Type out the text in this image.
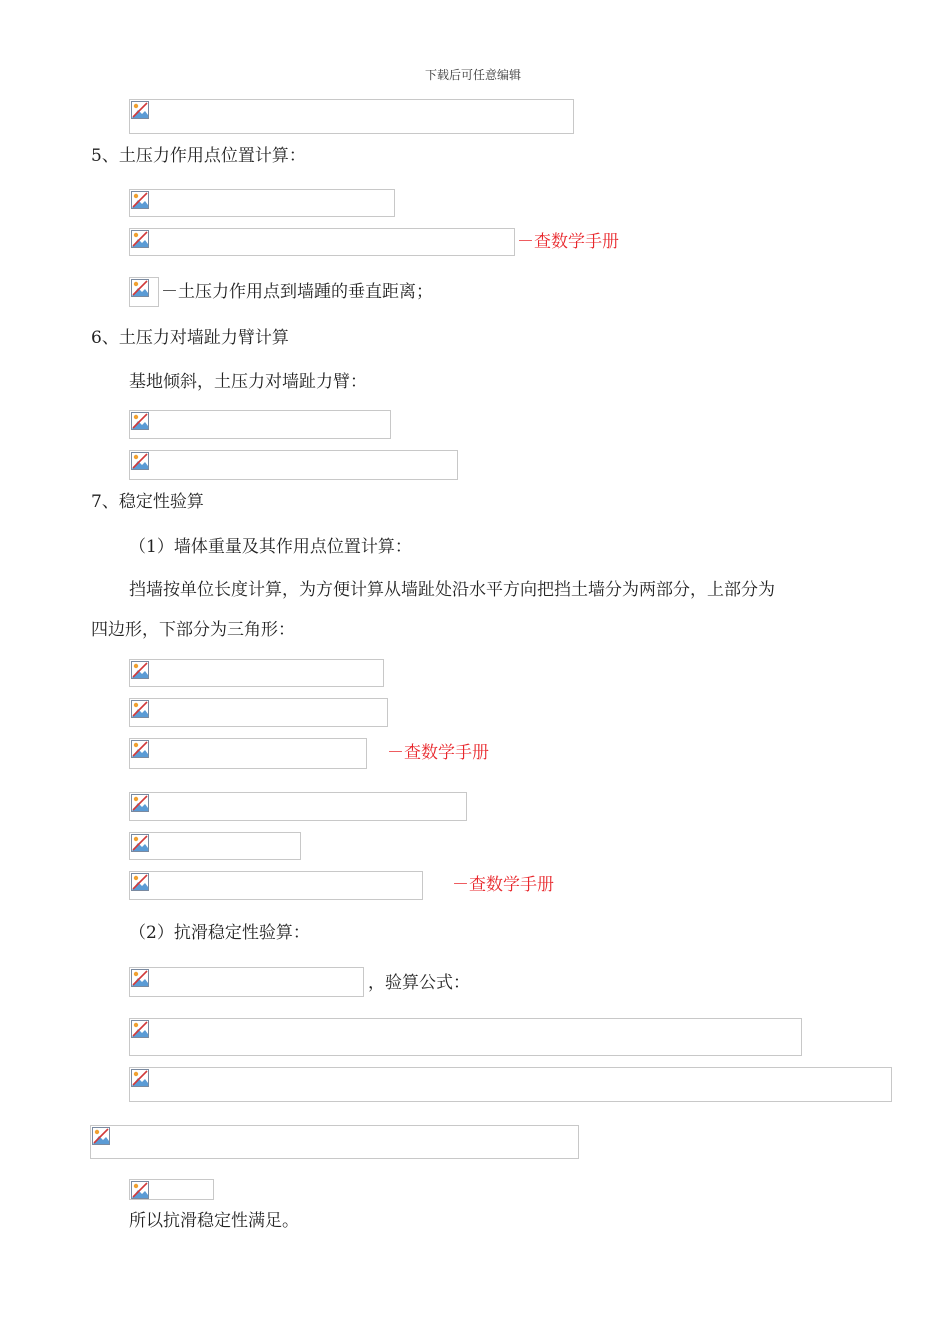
下载后可任意编辑
5、土压力作用点位置计算：
－查数学手册
－土压力作用点到墙踵的垂直距离；
6、土压力对墙趾力臂计算
基地倾斜，土压力对墙趾力臂：
7、稳定性验算
（1）墙体重量及其作用点位置计算：
挡墙按单位长度计算，为方便计算从墙趾处沿水平方向把挡土墙分为两部分，上部分为
四边形，下部分为三角形：
－查数学手册
－查数学手册
（2）抗滑稳定性验算：
，验算公式：
所以抗滑稳定性满足。
